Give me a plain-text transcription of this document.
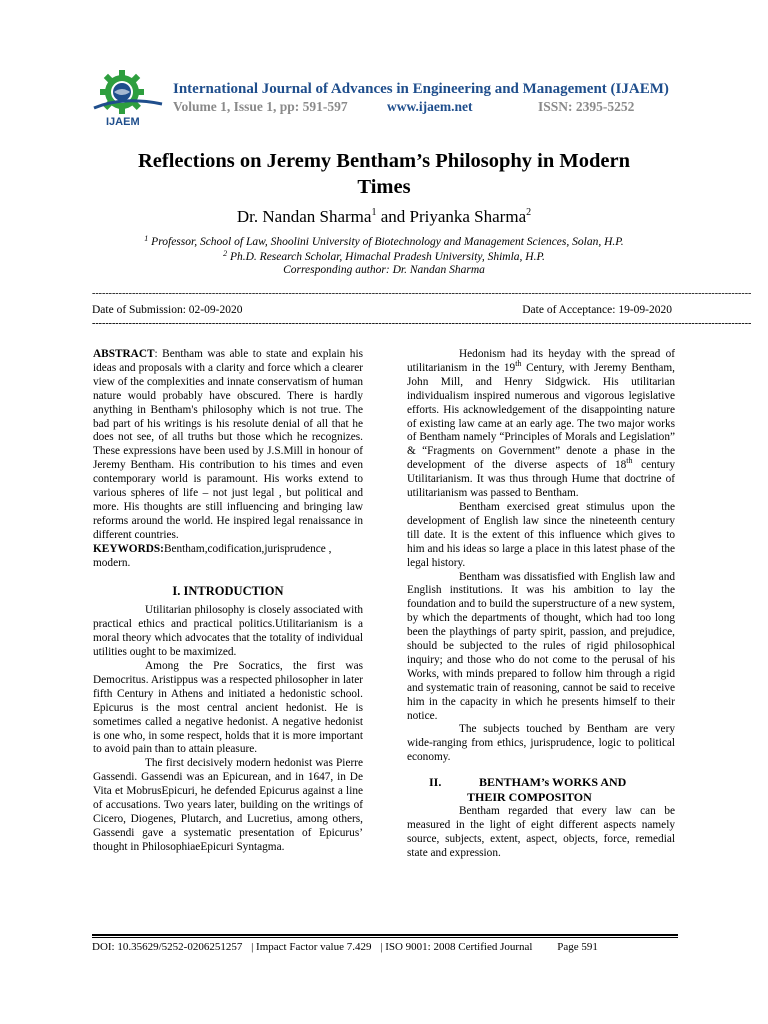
IJAEM
International Journal of Advances in Engineering and Management (IJAEM)
Volume 1, Issue 1, pp: 591-597	www.ijaem.net	ISSN: 2395-5252
Reflections on Jeremy Bentham’s Philosophy in Modern
Times
Dr. Nandan Sharma$^1$ and Priyanka Sharma$^2$
$^1$ Professor, School of Law, Shoolini University of Biotechnology and Management Sciences, Solan, H.P.
$^2$ Ph.D. Research Scholar, Himachal Pradesh University, Shimla, H.P.
Corresponding author: Dr. Nandan Sharma
------------------------------------------------------------------------------------------------------------------------------------------------------------------------------------------------------
Date of Submission: 02-09-2020	Date of Acceptance: 19-09-2020
------------------------------------------------------------------------------------------------------------------------------------------------------------------------------------------------------

ABSTRACT: Bentham was able to state and explain his ideas and proposals with a clarity and force which a clearer view of the complexities and innate conservatism of human nature would probably have obscured. There is hardly anything in Bentham's philosophy which is not true. The bad part of his writings is his resolute denial of all that he does not see, of all truths but those which he recognizes. These expressions have been used by J.S.Mill in honour of Jeremy Bentham. His contribution to his times and even contemporary world is paramount. His works extend to various spheres of life – not just legal , but political and more. His thoughts are still influencing and bringing law reforms around the world. He inspired legal renaissance in different countries.

KEYWORDS:Bentham,codification,jurisprudence , modern.

I. INTRODUCTION

Utilitarian philosophy is closely associated with practical ethics and practical politics.Utilitarianism is a moral theory which advocates that the totality of individual utilities ought to be maximized.

Among the Pre Socratics, the first was Democritus. Aristippus was a respected philosopher in later fifth Century in Athens and initiated a hedonistic school. Epicurus is the most central ancient hedonist. He is sometimes called a negative hedonist. A negative hedonist is one who, in some respect, holds that it is more important to avoid pain than to attain pleasure.

The first decisively modern hedonist was Pierre Gassendi. Gassendi was an Epicurean, and in 1647, in De Vita et MobrusEpicuri, he defended Epicurus against a line of accusations. Two years later, building on the writings of Cicero, Diogenes, Plutarch, and Lucretius, among others, Gassendi gave a systematic presentation of Epicurus’ thought in PhilosophiaeEpicuri Syntagma.

Hedonism had its heyday with the spread of utilitarianism in the 19th Century, with Jeremy Bentham, John Mill, and Henry Sidgwick. His utilitarian individualism inspired numerous and vigorous legislative efforts. His acknowledgement of the disappointing nature of existing law came at an early age. The two major works of Bentham namely “Principles of Morals and Legislation” & “Fragments on Government” denote a phase in the development of the diverse aspects of 18th century Utilitarianism. It was thus through Hume that doctrine of utilitarianism was passed to Bentham.

Bentham exercised great stimulus upon the development of English law since the nineteenth century till date. It is the extent of this influence which gives to him and his ideas so large a place in this latest phase of the legal history.

Bentham was dissatisfied with English law and English institutions. It was his ambition to lay the foundation and to build the superstructure of a new system, by which the departments of thought, which had too long been the playthings of party spirit, passion, and prejudice, should be subjected to the rules of rigid philosophical inquiry; and those who do not come to the perusal of his Works, with minds prepared to follow him through a rigid and systematic train of reasoning, cannot be said to receive him in the capacity in which he presents himself to their notice.

The subjects touched by Bentham are very wide-ranging from ethics, jurisprudence, logic to political economy.

II.	BENTHAM’s WORKS AND
THEIR COMPOSITON

Bentham regarded that every law can be measured in the light of eight different aspects namely source, subjects, extent, aspect, objects, force, remedial state and expression.

DOI: 10.35629/5252-0206251257 | Impact Factor value 7.429 | ISO 9001: 2008 Certified Journal Page 591
